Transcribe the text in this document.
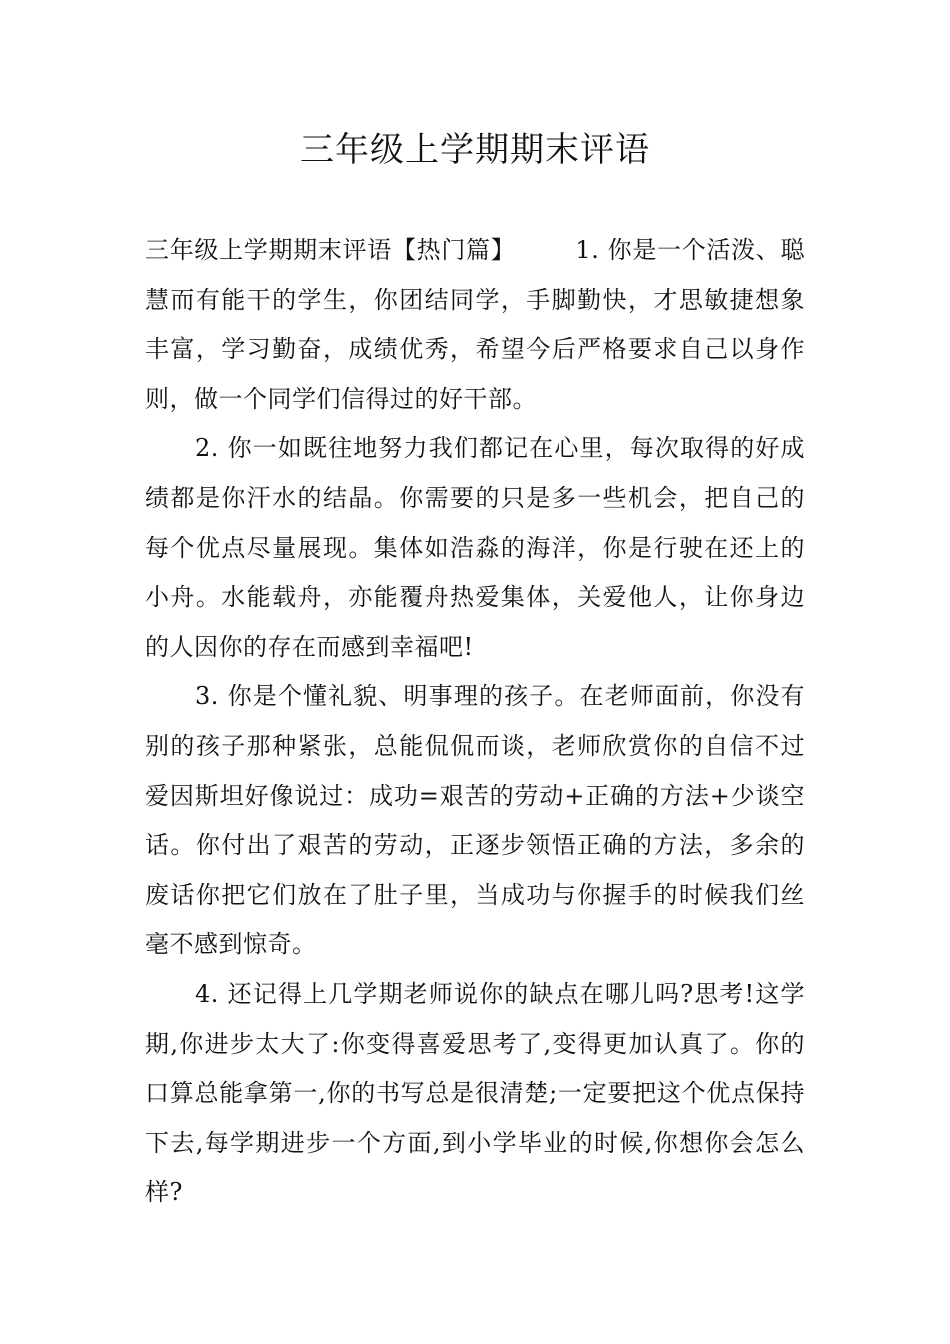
三年级上学期期末评语

三年级上学期期末评语【热门篇】	1. 你是一个活泼、聪慧而有能干的学生，你团结同学，手脚勤快，才思敏捷想象丰富，学习勤奋，成绩优秀，希望今后严格要求自己以身作则，做一个同学们信得过的好干部。

2. 你一如既往地努力我们都记在心里，每次取得的好成绩都是你汗水的结晶。你需要的只是多一些机会，把自己的每个优点尽量展现。集体如浩淼的海洋，你是行驶在还上的小舟。水能载舟，亦能覆舟热爱集体，关爱他人，让你身边的人因你的存在而感到幸福吧!

3. 你是个懂礼貌、明事理的孩子。在老师面前，你没有别的孩子那种紧张，总能侃侃而谈，老师欣赏你的自信不过爱因斯坦好像说过：成功=艰苦的劳动+正确的方法+少谈空话。你付出了艰苦的劳动，正逐步领悟正确的方法，多余的废话你把它们放在了肚子里，当成功与你握手的时候我们丝毫不感到惊奇。

4. 还记得上几学期老师说你的缺点在哪儿吗?思考!这学期,你进步太大了:你变得喜爱思考了,变得更加认真了。你的口算总能拿第一,你的书写总是很清楚;一定要把这个优点保持下去,每学期进步一个方面,到小学毕业的时候,你想你会怎么样?
